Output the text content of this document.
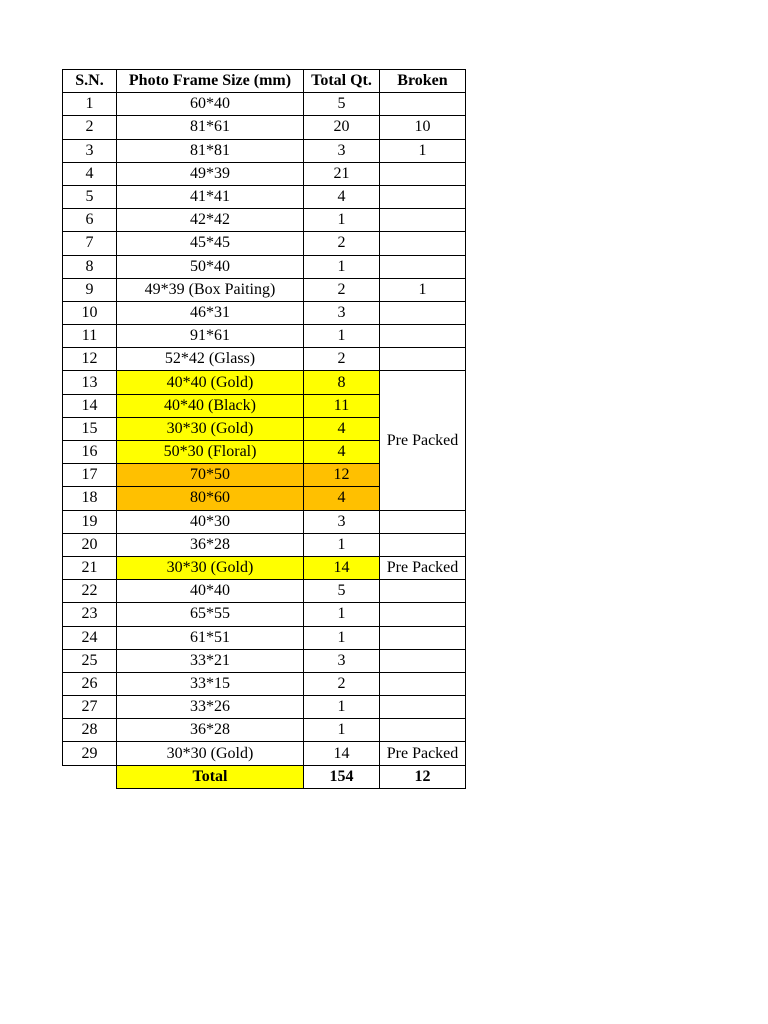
S.N.	Photo Frame Size (mm)	Total Qt.	Broken
1	60*40	5	
2	81*61	20	10
3	81*81	3	1
4	49*39	21	
5	41*41	4	
6	42*42	1	
7	45*45	2	
8	50*40	1	
9	49*39 (Box Paiting)	2	1
10	46*31	3	
11	91*61	1	
12	52*42 (Glass)	2	
13	40*40 (Gold)	8	Pre Packed
14	40*40 (Black)	11	
15	30*30 (Gold)	4	
16	50*30 (Floral)	4	
17	70*50	12	
18	80*60	4	
19	40*30	3	
20	36*28	1	
21	30*30 (Gold)	14	Pre Packed
22	40*40	5	
23	65*55	1	
24	61*51	1	
25	33*21	3	
26	33*15	2	
27	33*26	1	
28	36*28	1	
29	30*30 (Gold)	14	Pre Packed
	Total	154	12
